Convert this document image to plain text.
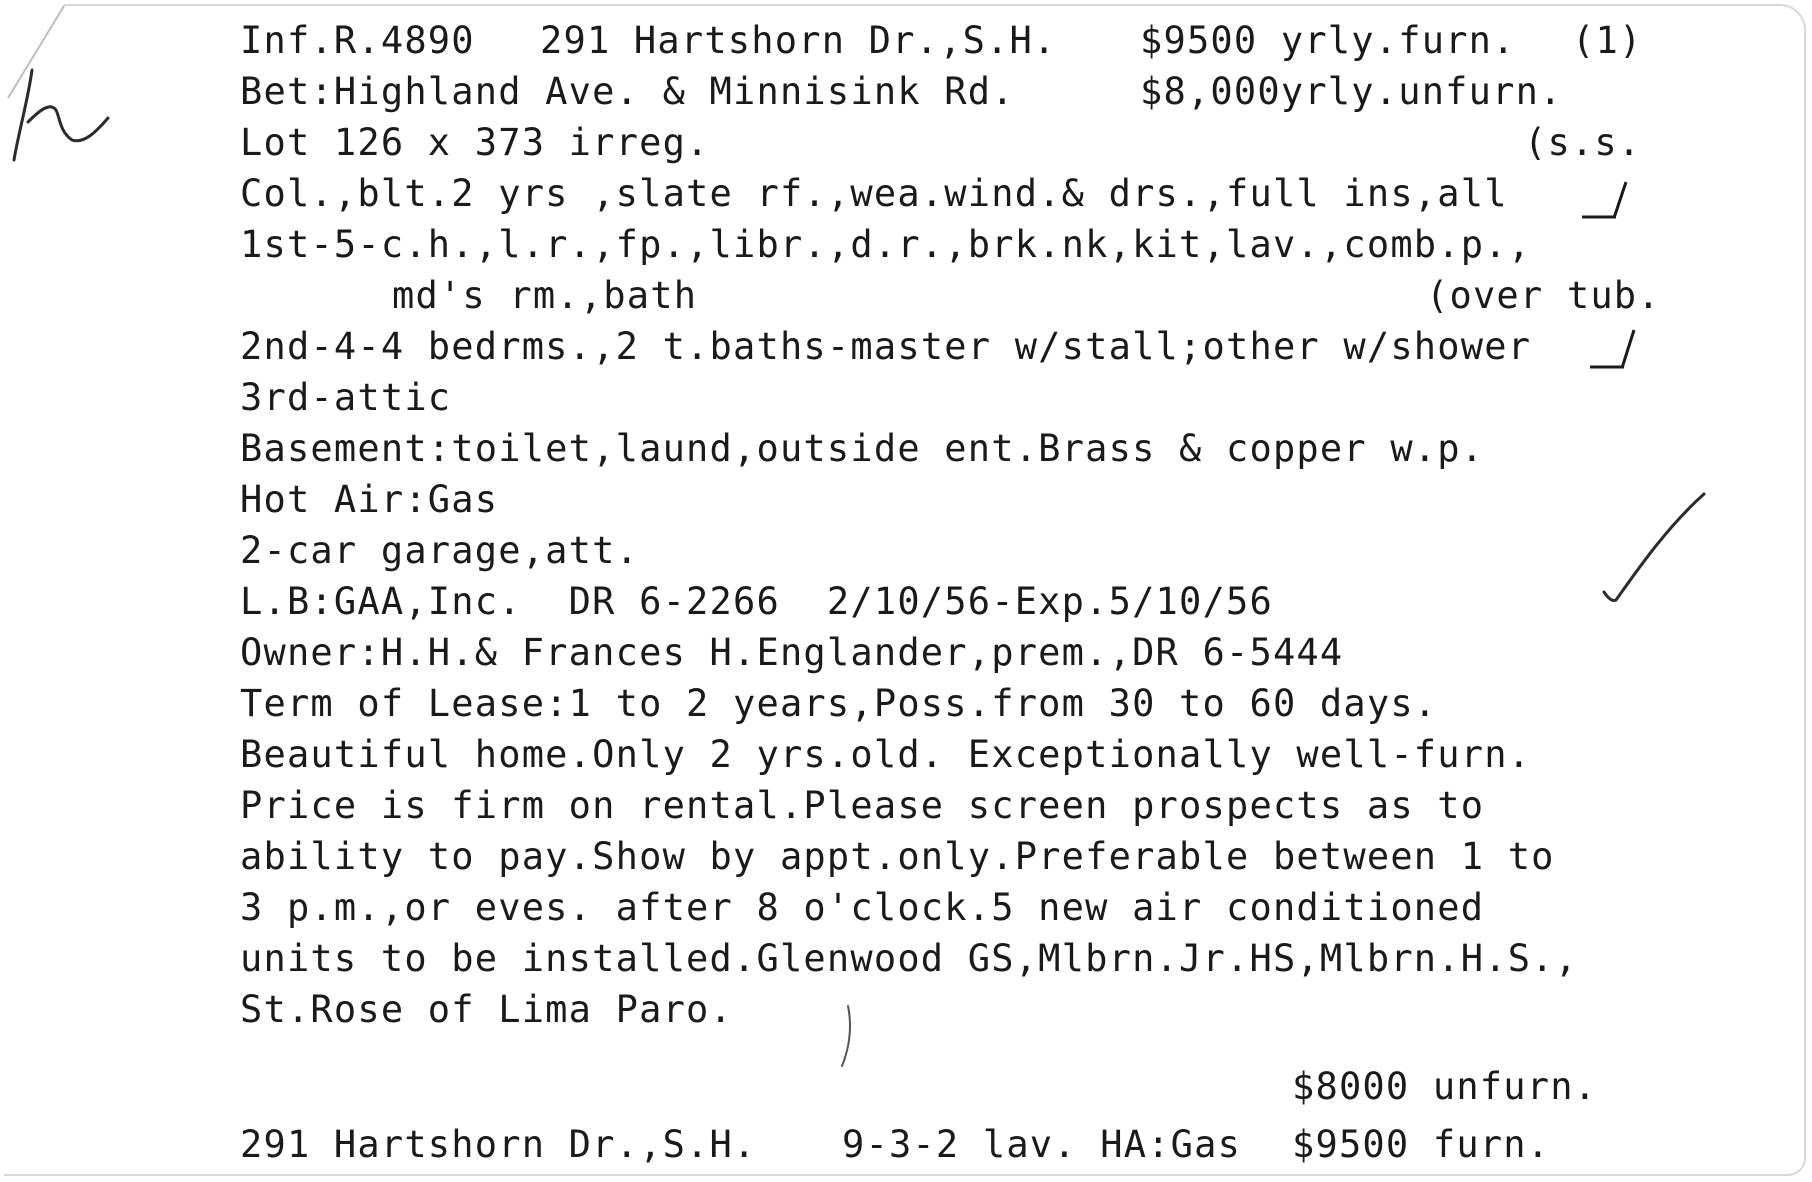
Inf.R.4890 291 Hartshorn Dr.,S.H. $9500 yrly.furn. (1)
Bet:Highland Ave. & Minnisink Rd.	$8,000yrly.unfurn.
Lot 126 x 373 irreg.	(s.s.
Col.,blt.2 yrs ,slate rf.,wea.wind.& drs.,full ins,all
1st-5-c.h.,l.r.,fp.,libr.,d.r.,brk.nk,kit,lav.,comb.p.,
md's rm.,bath	(over tub.
2nd-4-4 bedrms.,2 t.baths-master w/stall;other w/shower
3rd-attic
Basement:toilet,laund,outside ent.Brass & copper w.p.
Hot Air:Gas
2-car garage,att.
L.B:GAA,Inc.  DR 6-2266  2/10/56-Exp.5/10/56
Owner:H.H.& Frances H.Englander,prem.,DR 6-5444
Term of Lease:1 to 2 years,Poss.from 30 to 60 days.
Beautiful home.Only 2 yrs.old. Exceptionally well-furn.
Price is firm on rental.Please screen prospects as to
ability to pay.Show by appt.only.Preferable between 1 to
3 p.m.,or eves. after 8 o'clock.5 new air conditioned
units to be installed.Glenwood GS,Mlbrn.Jr.HS,Mlbrn.H.S.,
St.Rose of Lima Paro.
$8000 unfurn.
291 Hartshorn Dr.,S.H. 9-3-2 lav. HA:Gas $9500 furn.
